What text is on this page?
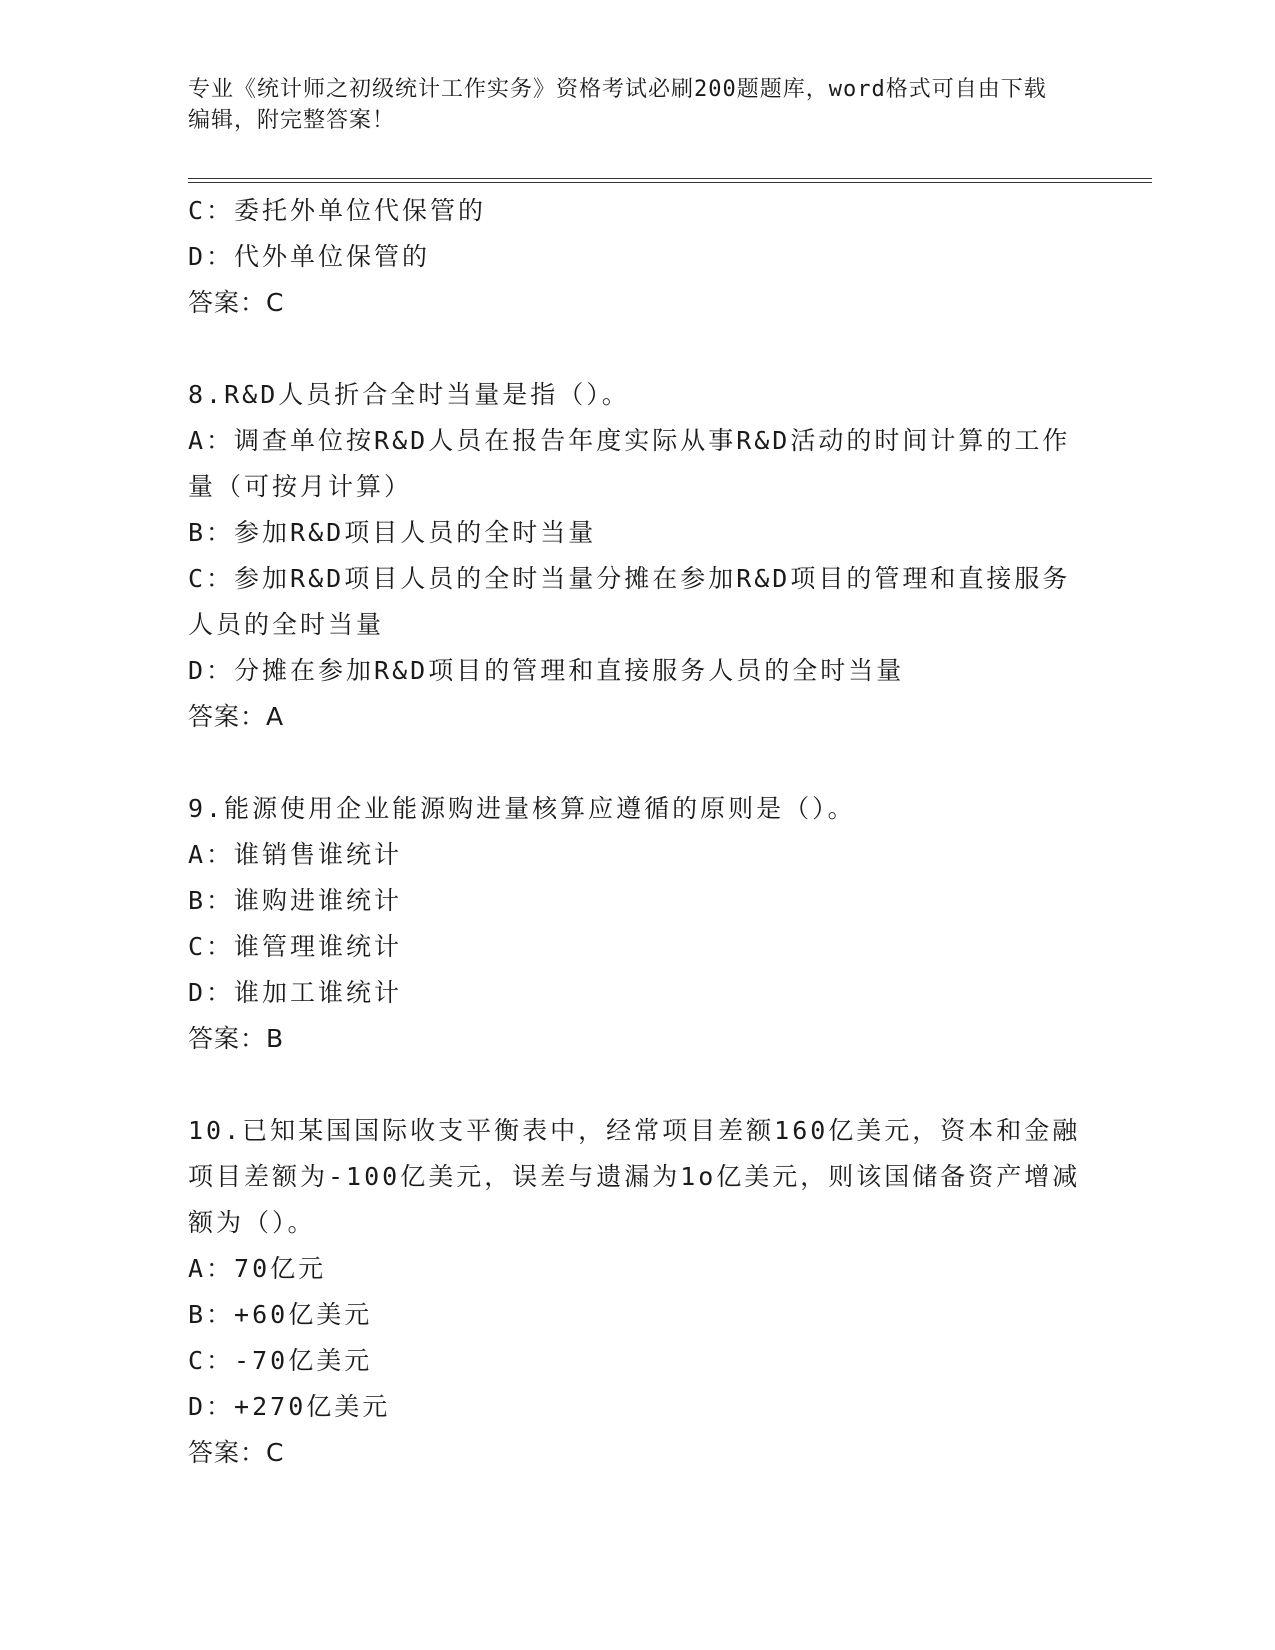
专业《统计师之初级统计工作实务》资格考试必刷200题题库，word格式可自由下载编辑，附完整答案！
C：委托外单位代保管的
D：代外单位保管的
答案：C
8.R&D人员折合全时当量是指（）。
A：调查单位按R&D人员在报告年度实际从事R&D活动的时间计算的工作量（可按月计算）
B：参加R&D项目人员的全时当量
C：参加R&D项目人员的全时当量分摊在参加R&D项目的管理和直接服务人员的全时当量
D：分摊在参加R&D项目的管理和直接服务人员的全时当量
答案：A
9.能源使用企业能源购进量核算应遵循的原则是（）。
A：谁销售谁统计
B：谁购进谁统计
C：谁管理谁统计
D：谁加工谁统计
答案：B
10.已知某国国际收支平衡表中，经常项目差额160亿美元，资本和金融项目差额为-100亿美元，误差与遗漏为1o亿美元，则该国储备资产增减额为（）。
A：70亿元
B：+60亿美元
C：-70亿美元
D：+270亿美元
答案：C
